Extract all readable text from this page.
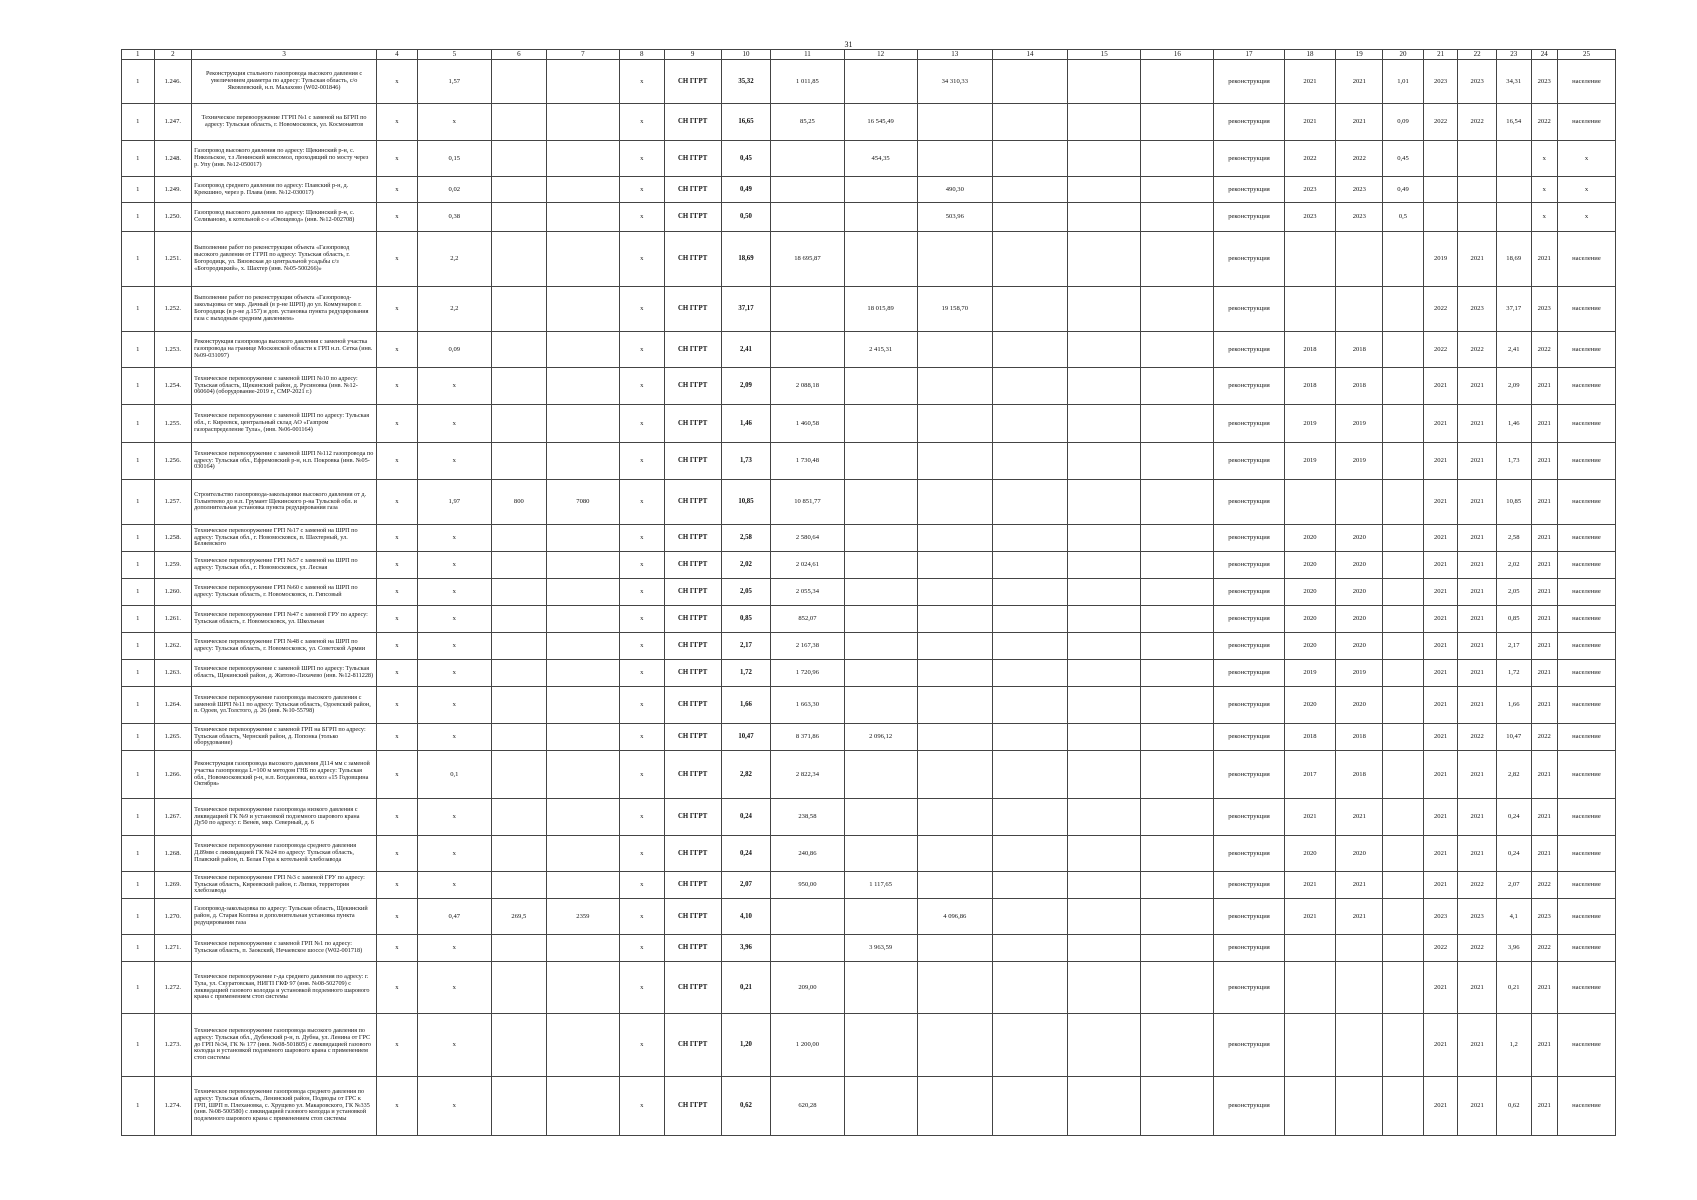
31
1	2	3	4	5	6	7	8	9	10	11	12	13	14	15	16	17	18	19	20	21	22	23	24	25
1	1.246.	Реконструкция стального газопровода высокого давления с увеличением диаметра по адресу: Тульская область, с/о Яковлевский, н.п. Малахово (W02-001846)	x	1,57			x	СН ГГРТ	35,32	1 011,85		34 310,33				реконструкция	2021	2021	1,01	2023	2023	34,31	2023	население
1	1.247.	Техническое перевооружение ГГРП №1 с заменой на БГРП по адресу: Тульская область, г. Новомосковск, ул. Космонавтов	x	x			x	СН ГГРТ	16,65	85,25	16 545,49					реконструкция	2021	2021	0,09	2022	2022	16,54	2022	население
1	1.248.	Газопровод высокого давления по адресу: Щекинский р-н, с. Никольское, т.з Ленинский комсомол, проходящий по мосту через р. Упу (инв. №12-050017)	x	0,15			x	СН ГГРТ	0,45		454,35					реконструкция	2022	2022	0,45				x	x
1	1.249.	Газопровод среднего давления по адресу: Плавский р-н, д. Крекшино, через р. Плава (инв. №12-030017)	x	0,02			x	СН ГГРТ	0,49			490,30				реконструкция	2023	2023	0,49				x	x
1	1.250.	Газопровод высокого давления по адресу: Щекинский р-н, с. Селиваново, к котельной с-з «Овощевод» (инв. №12-002708)	x	0,38			x	СН ГГРТ	0,50			503,96				реконструкция	2023	2023	0,5				x	x
1	1.251.	Выполнение работ по реконструкции объекта «Газопровод высокого давления от ГГРП по адресу: Тульская область, г. Богородицк, ул. Вязовская до центральной усадьбы с/з «Богородицкий», х. Шахтер (инв. №05-500266)»	x	2,2			x	СН ГГРТ	18,69	18 695,87						реконструкция				2019	2021	18,69	2021	население
1	1.252.	Выполнение работ по реконструкции объекта «Газопровод-закольцовка от мкр. Дачный (в р-не ШРП) до ул. Коммунаров г. Богородицк (в р-не д.157) и доп. установка пункта редуцирования газа с выходным средним давлением»	x	2,2			x	СН ГГРТ	37,17		18 015,89	19 158,70				реконструкция				2022	2023	37,17	2023	население
1	1.253.	Реконструкция газопровода высокого давления с заменой участка газопровода на границе Московской области к ГРП н.п. Сетка (инв. №09-031097)	x	0,09			x	СН ГГРТ	2,41		2 415,31					реконструкция	2018	2018		2022	2022	2,41	2022	население
1	1.254.	Техническое перевооружение с заменой ШРП №10 по адресу: Тульская область, Щекинский район, д. Русиновка (инв. №12-060604) (оборудование-2019 г., СМР-2021 г.)	x	x			x	СН ГГРТ	2,09	2 088,18						реконструкция	2018	2018		2021	2021	2,09	2021	население
1	1.255.	Техническое перевооружение с заменой ШРП по адресу: Тульская обл., г. Киреевск, центральный склад АО «Газпром газораспределение Тула», (инв. №06-001164)	x	x			x	СН ГГРТ	1,46	1 460,58						реконструкция	2019	2019		2021	2021	1,46	2021	население
1	1.256.	Техническое перевооружение с заменой ШРП №112 газопровода по адресу: Тульская обл., Ефремовский р-н, н.п. Покровка (инв. №05-030164)	x	x			x	СН ГГРТ	1,73	1 730,48						реконструкция	2019	2019		2021	2021	1,73	2021	население
1	1.257.	Строительство газопровода-закольцовки высокого давления от д. Голынтеево до н.п. Грумант Щекинского р-на Тульской обл. и дополнительная установка пункта редуцирования газа	x	1,97	800	7080	x	СН ГГРТ	10,85	10 851,77						реконструкция				2021	2021	10,85	2021	население
1	1.258.	Техническое перевооружение ГРП №17 с заменой на ШРП по адресу: Тульская обл., г. Новомосковск, п. Шахтерный, ул. Беляевского	x	x			x	СН ГГРТ	2,58	2 580,64						реконструкция	2020	2020		2021	2021	2,58	2021	население
1	1.259.	Техническое перевооружение ГРП №57 с заменой на ШРП по адресу: Тульская обл., г. Новомосковск, ул. Лесная	x	x			x	СН ГГРТ	2,02	2 024,61						реконструкция	2020	2020		2021	2021	2,02	2021	население
1	1.260.	Техническое перевооружение ГРП №60 с заменой на ШРП по адресу: Тульская область, г. Новомосковск, п. Гипсовый	x	x			x	СН ГГРТ	2,05	2 055,34						реконструкция	2020	2020		2021	2021	2,05	2021	население
1	1.261.	Техническое перевооружение ГРП №47 с заменой ГРУ по адресу: Тульская область, г. Новомосковск, ул. Школьная	x	x			x	СН ГГРТ	0,85	852,07						реконструкция	2020	2020		2021	2021	0,85	2021	население
1	1.262.	Техническое перевооружение ГРП №48 с заменой на ШРП по адресу: Тульская область, г. Новомосковск, ул. Советской Армии	x	x			x	СН ГГРТ	2,17	2 167,38						реконструкция	2020	2020		2021	2021	2,17	2021	население
1	1.263.	Техническое перевооружение с заменой ШРП по адресу: Тульская область, Щекинский район, д. Житово-Лихачево (инв. №12-811228)	x	x			x	СН ГГРТ	1,72	1 720,96						реконструкция	2019	2019		2021	2021	1,72	2021	население
1	1.264.	Техническое перевооружение газопровода высокого давления с заменой ШРП №11 по адресу: Тульская область, Одоевский район, п. Одоев, ул.Толстого, д. 26 (инв. №10-55798)	x	x			x	СН ГГРТ	1,66	1 663,30						реконструкция	2020	2020		2021	2021	1,66	2021	население
1	1.265.	Техническое перевооружение с заменой ГРП на БГРП по адресу: Тульская область, Чернский район, д. Попонка (только оборудование)	x	x			x	СН ГГРТ	10,47	8 371,86	2 096,12					реконструкция	2018	2018		2021	2022	10,47	2022	население
1	1.266.	Реконструкция газопровода высокого давления Д114 мм с заменой участка газопровода L=100 м методом ГНБ по адресу: Тульская обл., Новомосковский р-н, н.п. Богдановка, колхоз «15 Годовщина Октября»	x	0,1			x	СН ГГРТ	2,82	2 822,34						реконструкция	2017	2018		2021	2021	2,82	2021	население
1	1.267.	Техническое перевооружение газопровода низкого давления с ликвидацией ГК №9 и установкой подземного шарового крана Ду50 по адресу: г. Венев, мкр. Северный, д. 6	x	x			x	СН ГГРТ	0,24	238,58						реконструкция	2021	2021		2021	2021	0,24	2021	население
1	1.268.	Техническое перевооружение газопровода среднего давления Д.89мм с ликвидацией ГК №24 по адресу: Тульская область, Плавский район, п. Белая Гора к котельной хлебозавода	x	x			x	СН ГГРТ	0,24	240,86						реконструкция	2020	2020		2021	2021	0,24	2021	население
1	1.269.	Техническое перевооружение ГРП №3 с заменой ГРУ по адресу: Тульская область, Киреевский район, г. Липки, территория хлебозавода	x	x			x	СН ГГРТ	2,07	950,00	1 117,65					реконструкция	2021	2021		2021	2022	2,07	2022	население
1	1.270.	Газопровод-закольцовка по адресу: Тульская область, Щекинский район, д. Старая Колпна и дополнительная установка пункта редуцирования газа	x	0,47	269,5	2359	x	СН ГГРТ	4,10			4 096,86				реконструкция	2021	2021		2023	2023	4,1	2023	население
1	1.271.	Техническое перевооружение с заменой ГРП №1 по адресу: Тульская область, п. Заокский, Нечаевское шоссе (W02-001718)	x	x			x	СН ГГРТ	3,96		3 963,59					реконструкция				2022	2022	3,96	2022	население
1	1.272.	Техническое перевооружение г-да среднего давления по адресу: г. Тула, ул. Скуратовская, НИГП ГКФ 97 (инв. №08-502709) с ликвидацией газового колодца и установкой подземного шарового крана с применением стоп системы	x	x			x	СН ГГРТ	0,21	209,00						реконструкция				2021	2021	0,21	2021	население
1	1.273.	Техническое перевооружение газопровода высокого давления по адресу: Тульская обл., Дубенский р-н, п. Дубна, ул. Ленина от ГРС до ГРП №34, ГК № 177 (инв. №08-501805) с ликвидацией газового колодца и установкой подземного шарового крана с применением стоп системы	x	x			x	СН ГГРТ	1,20	1 200,00						реконструкция				2021	2021	1,2	2021	население
1	1.274.	Техническое перевооружение газопровода среднего давления по адресу: Тульская область, Ленинский район, Подводы от ГРС к ГРП, ШРП п. Плехановка, с. Хрущево ул. Макаровского, ГК №335 (инв. №08-500580) с ликвидацией газового колодца и установкой подземного шарового крана с применением стоп системы	x	x			x	СН ГГРТ	0,62	620,28						реконструкция				2021	2021	0,62	2021	население
